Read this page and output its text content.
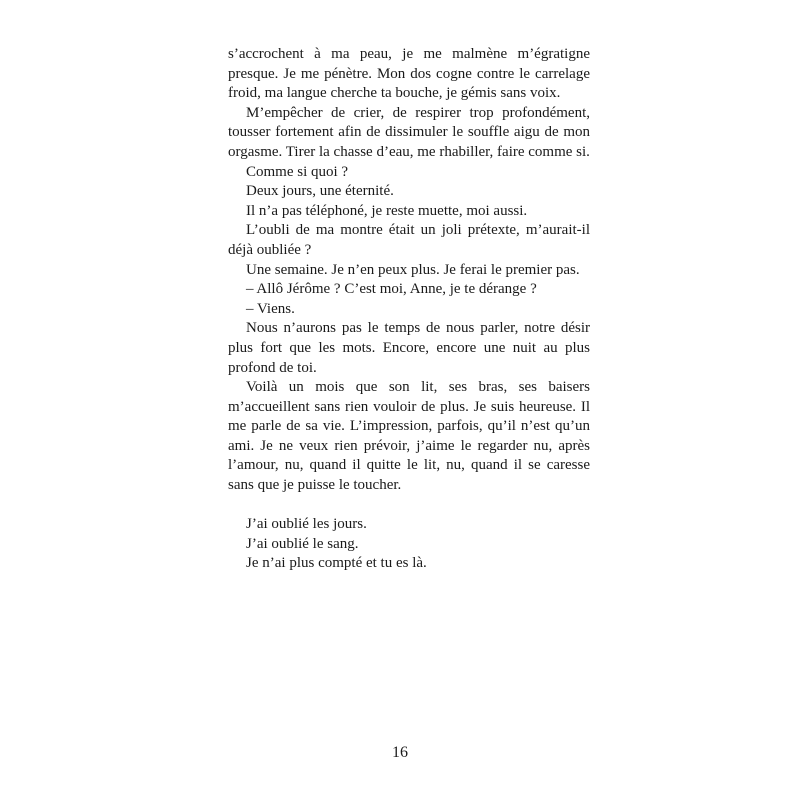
s’accrochent à ma peau, je me malmène m’égratigne presque. Je me pénètre. Mon dos cogne contre le carrelage froid, ma langue cherche ta bouche, je gémis sans voix.

M’empêcher de crier, de respirer trop profondément, tousser fortement afin de dissimuler le souffle aigu de mon orgasme. Tirer la chasse d’eau, me rhabiller, faire comme si.

Comme si quoi ?

Deux jours, une éternité.

Il n’a pas téléphoné, je reste muette, moi aussi.

L’oubli de ma montre était un joli prétexte, m’aurait-il déjà oubliée ?

Une semaine. Je n’en peux plus. Je ferai le premier pas.

– Allô Jérôme ? C’est moi, Anne, je te dérange ?

– Viens.

Nous n’aurons pas le temps de nous parler, notre désir plus fort que les mots. Encore, encore une nuit au plus profond de toi.

Voilà un mois que son lit, ses bras, ses baisers m’accueillent sans rien vouloir de plus. Je suis heureuse. Il me parle de sa vie. L’impression, parfois, qu’il n’est qu’un ami. Je ne veux rien prévoir, j’aime le regarder nu, après l’amour, nu, quand il quitte le lit, nu, quand il se caresse sans que je puisse le toucher.

J’ai oublié les jours.

J’ai oublié le sang.

Je n’ai plus compté et tu es là.

16
